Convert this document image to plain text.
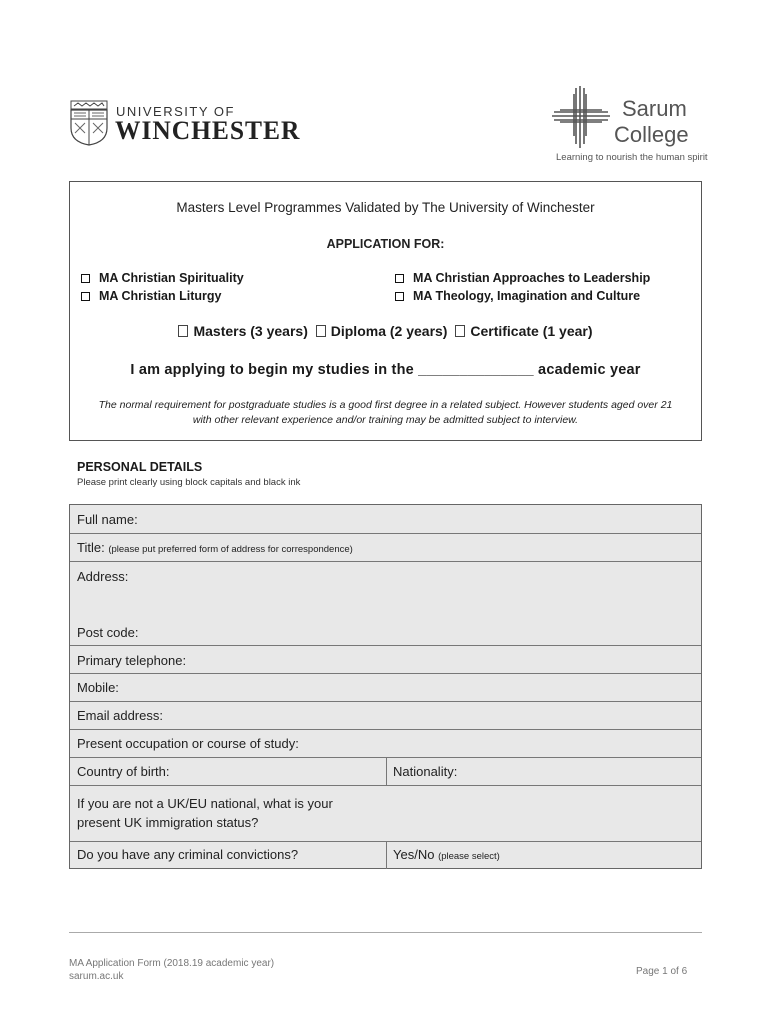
UNIVERSITY OF
WINCHESTER
Sarum
College
Learning to nourish the human spirit
Masters Level Programmes Validated by The University of Winchester
APPLICATION FOR:
MA Christian Spirituality
MA Christian Liturgy
MA Christian Approaches to Leadership
MA Theology, Imagination and Culture
Masters (3 years)
Diploma (2 years)
Certificate (1 year)
I am applying to begin my studies in the ______________ academic year
The normal requirement for postgraduate studies is a good first degree in a related subject. However students aged over 21 with other relevant experience and/or training may be admitted subject to interview.
PERSONAL DETAILS
Please print clearly using block capitals and black ink
Full name:
Title: (please put preferred form of address for correspondence)
Address:
Post code:
Primary telephone:
Mobile:
Email address:
Present occupation or course of study:
Country of birth:	Nationality:
If you are not a UK/EU national, what is your
present UK immigration status?
Do you have any criminal convictions?	Yes/No (please select)
MA Application Form (2018.19 academic year)
sarum.ac.uk	Page 1 of 6
